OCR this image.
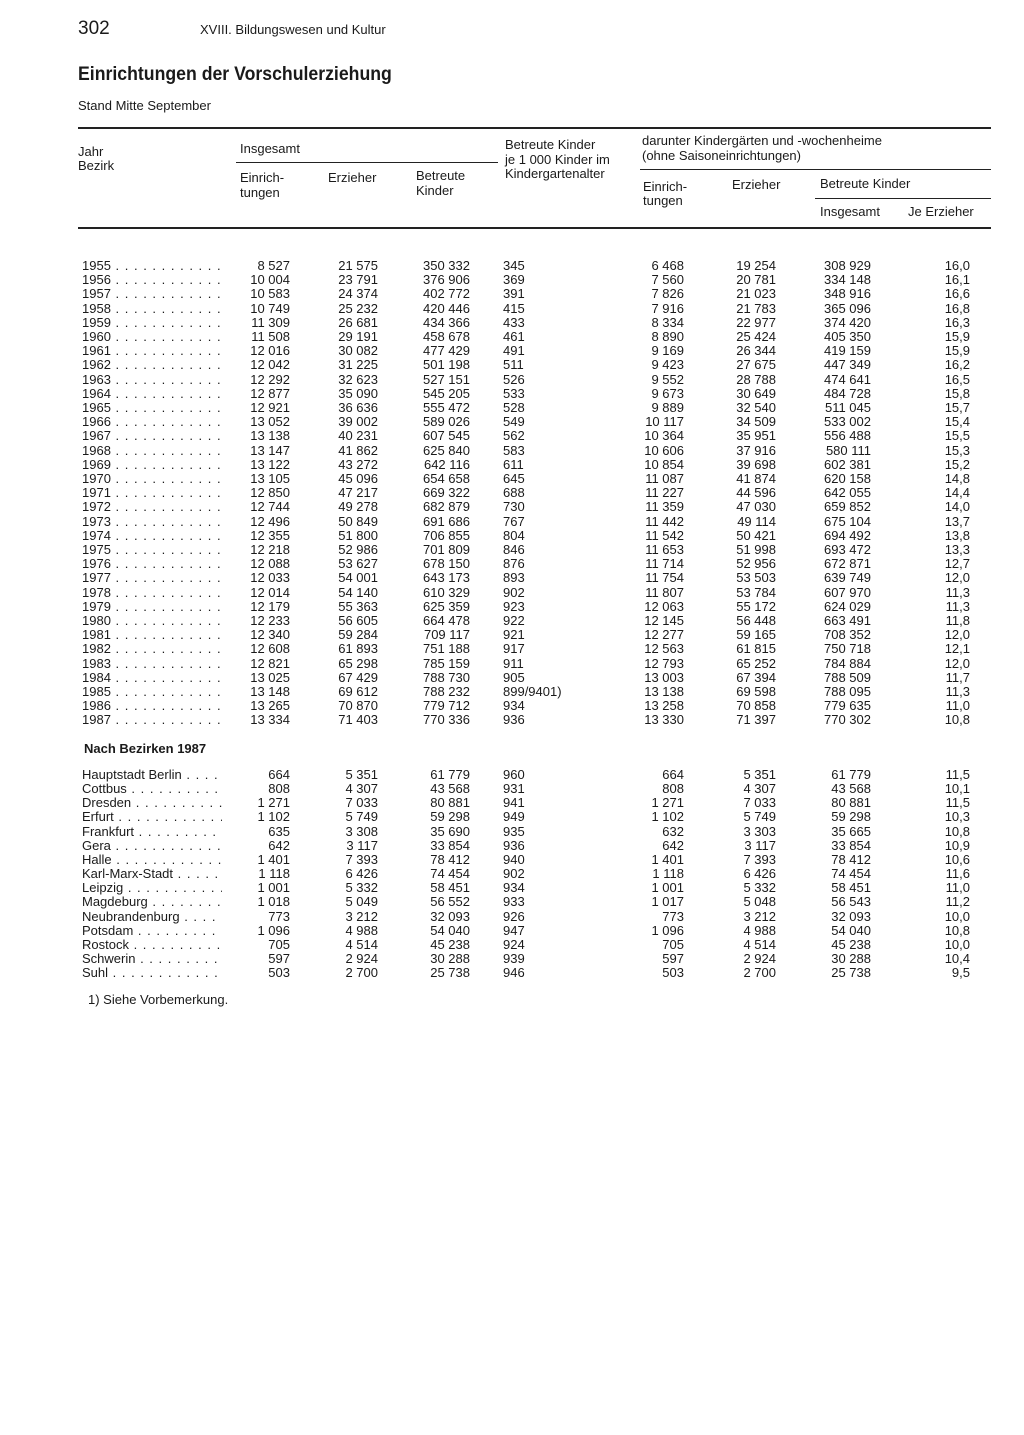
302	XVIII. Bildungswesen und Kultur
Einrichtungen der Vorschulerziehung
Stand Mitte September
Jahr
Bezirk
Insgesamt
Einrich-
tungen
Erzieher	Betreute
Kinder
Betreute Kinder
je 1 000 Kinder im
Kindergartenalter
darunter Kindergärten und -wochenheime
(ohne Saisoneinrichtungen)
Einrich-
tungen
Erzieher	Betreute Kinder
Insgesamt Je Erzieher
1955 . . .	8 527	21 575	350 332	345	6 468	19 254	308 929	16,0
1956 . . .	10 004	23 791	376 906	369	7 560	20 781	334 148	16,1
1957 . . .	10 583	24 374	402 772	391	7 826	21 023	348 916	16,6
1958 . . .	10 749	25 232	420 446	415	7 916	21 783	365 096	16,8
1959 . . .	11 309	26 681	434 366	433	8 334	22 977	374 420	16,3
1960 . . .	11 508	29 191	458 678	461	8 890	25 424	405 350	15,9
1961 . . .	12 016	30 082	477 429	491	9 169	26 344	419 159	15,9
1962 . . .	12 042	31 225	501 198	511	9 423	27 675	447 349	16,2
1963 . . .	12 292	32 623	527 151	526	9 552	28 788	474 641	16,5
1964 . . .	12 877	35 090	545 205	533	9 673	30 649	484 728	15,8
1965 . . .	12 921	36 636	555 472	528	9 889	32 540	511 045	15,7
1966 . . .	13 052	39 002	589 026	549	10 117	34 509	533 002	15,4
1967 . . .	13 138	40 231	607 545	562	10 364	35 951	556 488	15,5
1968 . . .	13 147	41 862	625 840	583	10 606	37 916	580 111	15,3
1969 . . .	13 122	43 272	642 116	611	10 854	39 698	602 381	15,2
1970 . . .	13 105	45 096	654 658	645	11 087	41 874	620 158	14,8
1971 . . .	12 850	47 217	669 322	688	11 227	44 596	642 055	14,4
1972 . . .	12 744	49 278	682 879	730	11 359	47 030	659 852	14,0
1973 . . .	12 496	50 849	691 686	767	11 442	49 114	675 104	13,7
1974 . . .	12 355	51 800	706 855	804	11 542	50 421	694 492	13,8
1975 . . .	12 218	52 986	701 809	846	11 653	51 998	693 472	13,3
1976 . . .	12 088	53 627	678 150	876	11 714	52 956	672 871	12,7
1977 . . .	12 033	54 001	643 173	893	11 754	53 503	639 749	12,0
1978 . . .	12 014	54 140	610 329	902	11 807	53 784	607 970	11,3
1979 . . .	12 179	55 363	625 359	923	12 063	55 172	624 029	11,3
1980 . . .	12 233	56 605	664 478	922	12 145	56 448	663 491	11,8
1981 . . .	12 340	59 284	709 117	921	12 277	59 165	708 352	12,0
1982 . . .	12 608	61 893	751 188	917	12 563	61 815	750 718	12,1
1983 . . .	12 821	65 298	785 159	911	12 793	65 252	784 884	12,0
1984 . . .	13 025	67 429	788 730	905	13 003	67 394	788 509	11,7
1985 . . .	13 148	69 612	788 232	899/9401)	13 138	69 598	788 095	11,3
1986 . . .	13 265	70 870	779 712	934	13 258	70 858	779 635	11,0
1987 . . .	13 334	71 403	770 336	936	13 330	71 397	770 302	10,8
Nach Bezirken 1987
Hauptstadt Berlin . . .	664	5 351	61 779	960	664	5 351	61 779	11,5
Cottbus . . .	808	4 307	43 568	931	808	4 307	43 568	10,1
Dresden . . .	1 271	7 033	80 881	941	1 271	7 033	80 881	11,5
Erfurt . . .	1 102	5 749	59 298	949	1 102	5 749	59 298	10,3
Frankfurt . . .	635	3 308	35 690	935	632	3 303	35 665	10,8
Gera . . .	642	3 117	33 854	936	642	3 117	33 854	10,9
Halle . . .	1 401	7 393	78 412	940	1 401	7 393	78 412	10,6
Karl-Marx-Stadt . . .	1 118	6 426	74 454	902	1 118	6 426	74 454	11,6
Leipzig . . .	1 001	5 332	58 451	934	1 001	5 332	58 451	11,0
Magdeburg . . .	1 018	5 049	56 552	933	1 017	5 048	56 543	11,2
Neubrandenburg . . .	773	3 212	32 093	926	773	3 212	32 093	10,0
Potsdam . . .	1 096	4 988	54 040	947	1 096	4 988	54 040	10,8
Rostock . . .	705	4 514	45 238	924	705	4 514	45 238	10,0
Schwerin . . .	597	2 924	30 288	939	597	2 924	30 288	10,4
Suhl . . .	503	2 700	25 738	946	503	2 700	25 738	9,5
1) Siehe Vorbemerkung.
